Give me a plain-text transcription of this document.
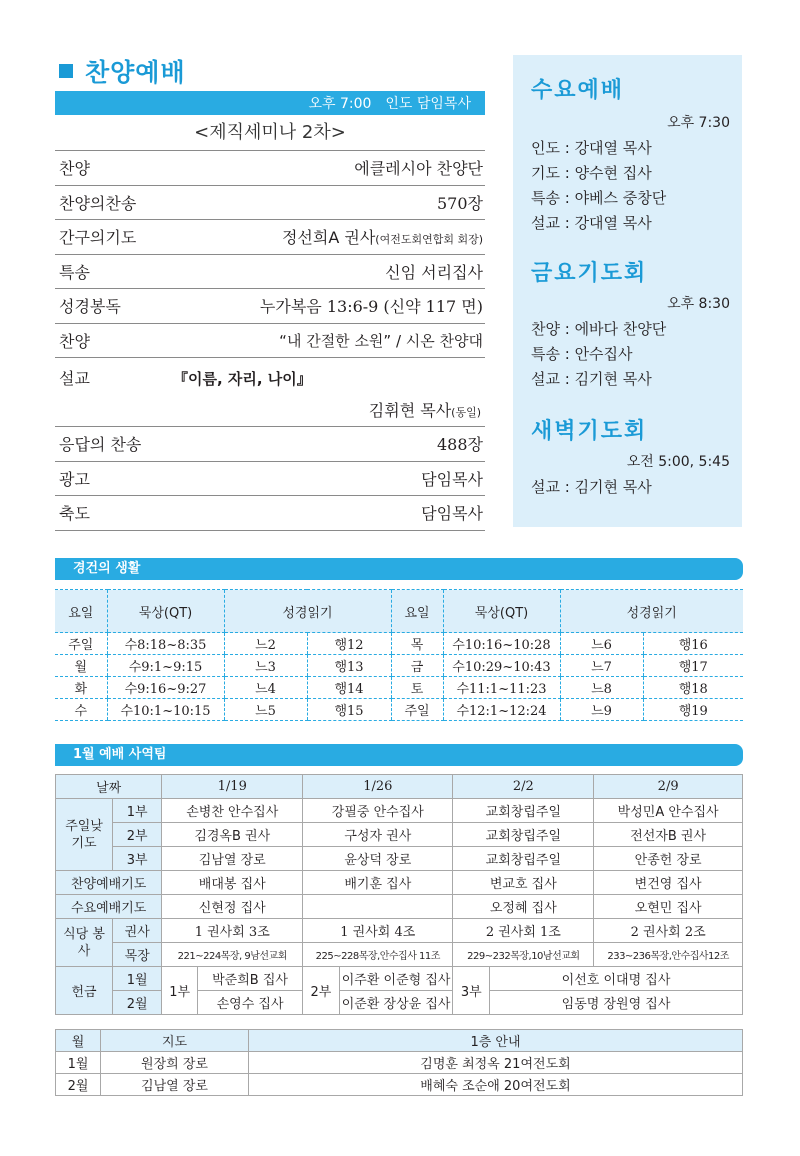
찬양예배
오후 7:00 인도 담임목사
<제직세미나 2차>
찬양	에클레시아 찬양단
찬양의찬송	570장
간구의기도	정선희A 권사(여전도회연합회 회장)
특송	신임 서리집사
성경봉독	누가복음 13:6-9 (신약 117 면)
찬양	“내 간절한 소원” / 시온 찬양대
설교	『이름, 자리, 나이』
김휘현 목사(동일)
응답의 찬송	488장
광고	담임목사
축도	담임목사
수요예배
오후 7:30
인도 : 강대열 목사
기도 : 양수현 집사
특송 : 야베스 중창단
설교 : 강대열 목사
금요기도회
오후 8:30
찬양 : 에바다 찬양단
특송 : 안수집사
설교 : 김기현 목사
새벽기도회
오전 5:00, 5:45
설교 : 김기현 목사
경건의 생활
요일	묵상(QT)	성경읽기		요일	묵상(QT)	성경읽기	
주일	수8:18~8:35	느2	행12	목	수10:16~10:28	느6	행16
월	수9:1~9:15	느3	행13	금	수10:29~10:43	느7	행17
화	수9:16~9:27	느4	행14	토	수11:1~11:23	느8	행18
수	수10:1~10:15	느5	행15	주일	수12:1~12:24	느9	행19
1월 예배 사역팀
날짜		1/19		1/26		2/2		2/9
주일낮 기도	1부	손병찬 안수집사		강필중 안수집사		교회창립주일		박성민A 안수집사
	2부	김경옥B 권사		구성자 권사		교회창립주일		전선자B 권사
	3부	김남열 장로		윤상덕 장로		교회창립주일		안종헌 장로
찬양예배기도		배대봉 집사		배기훈 집사		변교호 집사		변건영 집사
수요예배기도		신현정 집사				오정혜 집사		오현민 집사
식당 봉사	권사	1 권사회 3조		1 권사회 4조		2 권사회 1조		2 권사회 2조
	목장	221~224목장, 9남선교회		225~228목장,안수집사 11조		229~232목장,10남선교회		233~236목장,안수집사12조
헌금	1월	1부	박준희B 집사	2부	이주환 이준형 집사	3부	이선호 이대명 집사	
	2월		손영수 집사		이준환 장상윤 집사		임동명 장원영 집사	
월	지도	1층 안내
1월	원장희 장로	김명훈 최정옥 21여전도회
2월	김남열 장로	배혜숙 조순애 20여전도회
